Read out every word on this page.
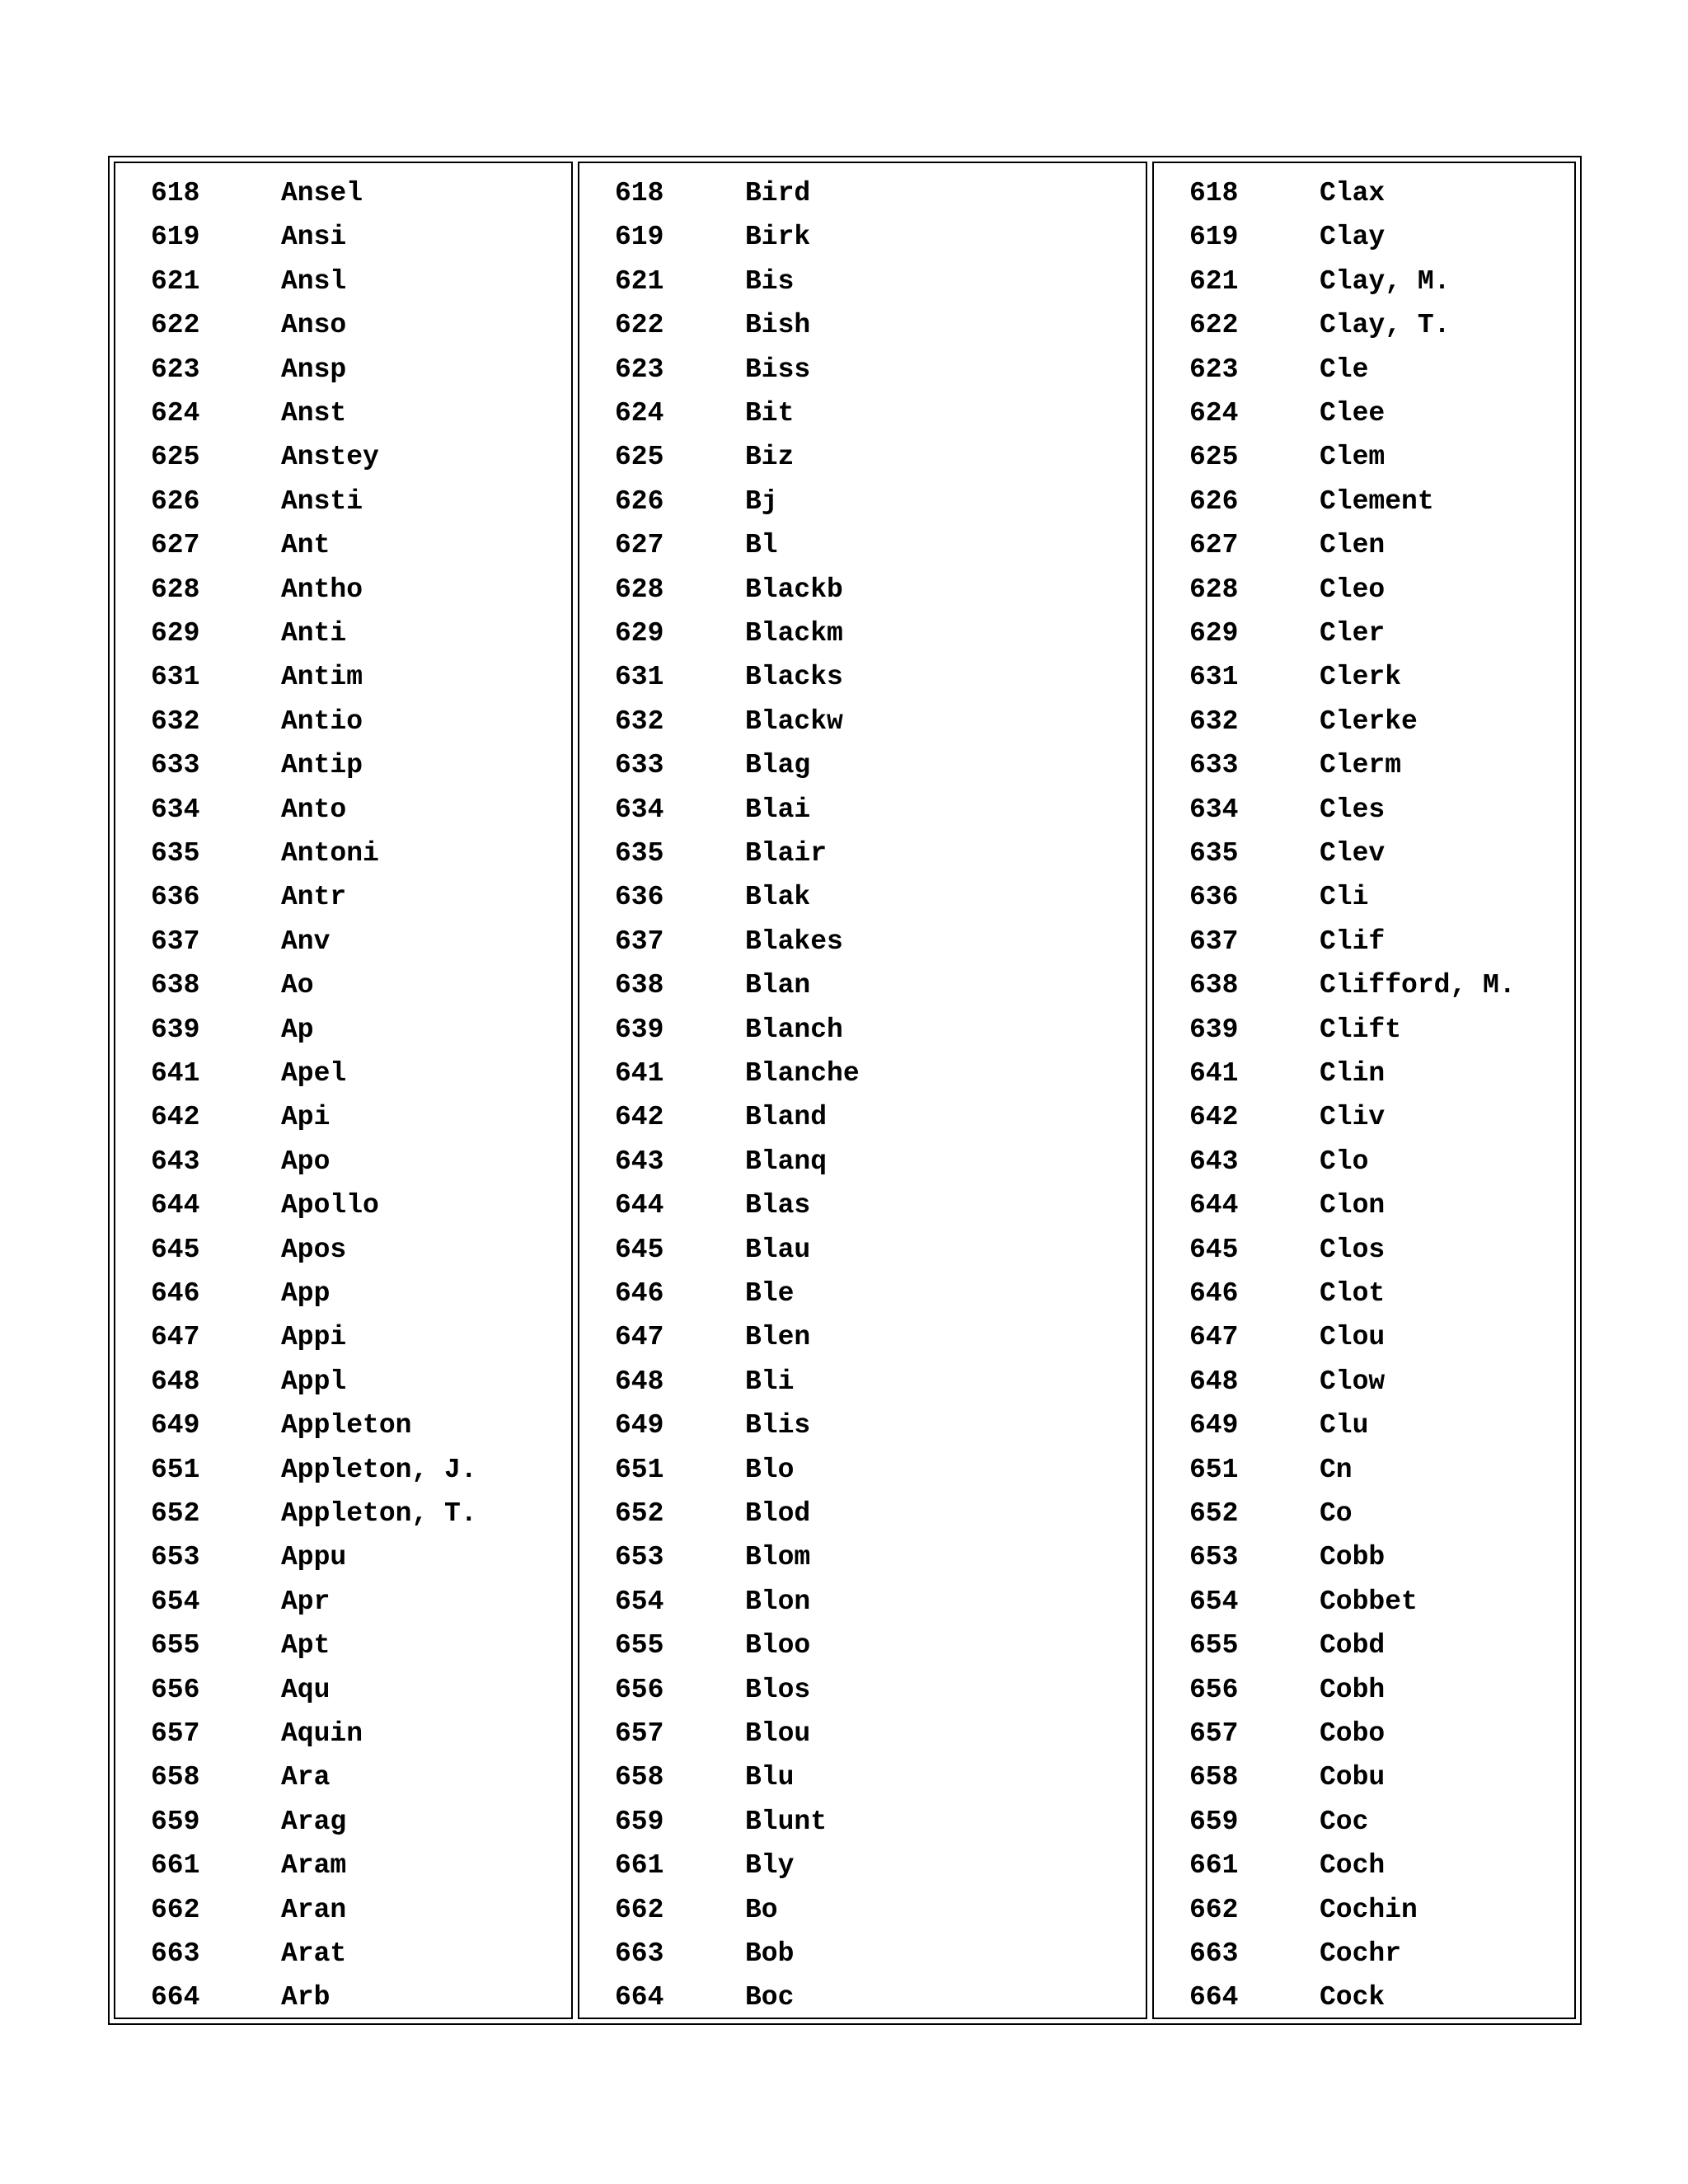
618	Ansel
619	Ansi
621	Ansl
622	Anso
623	Ansp
624	Anst
625	Anstey
626	Ansti
627	Ant
628	Antho
629	Anti
631	Antim
632	Antio
633	Antip
634	Anto
635	Antoni
636	Antr
637	Anv
638	Ao
639	Ap
641	Apel
642	Api
643	Apo
644	Apollo
645	Apos
646	App
647	Appi
648	Appl
649	Appleton
651	Appleton, J.
652	Appleton, T.
653	Appu
654	Apr
655	Apt
656	Aqu
657	Aquin
658	Ara
659	Arag
661	Aram
662	Aran
663	Arat
664	Arb
618	Bird
619	Birk
621	Bis
622	Bish
623	Biss
624	Bit
625	Biz
626	Bj
627	Bl
628	Blackb
629	Blackm
631	Blacks
632	Blackw
633	Blag
634	Blai
635	Blair
636	Blak
637	Blakes
638	Blan
639	Blanch
641	Blanche
642	Bland
643	Blanq
644	Blas
645	Blau
646	Ble
647	Blen
648	Bli
649	Blis
651	Blo
652	Blod
653	Blom
654	Blon
655	Bloo
656	Blos
657	Blou
658	Blu
659	Blunt
661	Bly
662	Bo
663	Bob
664	Boc
618	Clax
619	Clay
621	Clay, M.
622	Clay, T.
623	Cle
624	Clee
625	Clem
626	Clement
627	Clen
628	Cleo
629	Cler
631	Clerk
632	Clerke
633	Clerm
634	Cles
635	Clev
636	Cli
637	Clif
638	Clifford, M.
639	Clift
641	Clin
642	Cliv
643	Clo
644	Clon
645	Clos
646	Clot
647	Clou
648	Clow
649	Clu
651	Cn
652	Co
653	Cobb
654	Cobbet
655	Cobd
656	Cobh
657	Cobo
658	Cobu
659	Coc
661	Coch
662	Cochin
663	Cochr
664	Cock
